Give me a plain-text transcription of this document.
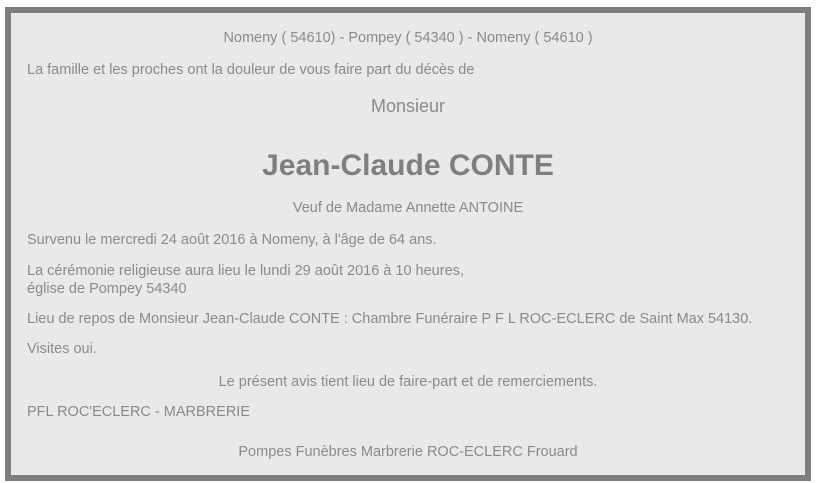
Nomeny ( 54610) - Pompey ( 54340 ) - Nomeny ( 54610 )

La famille et les proches ont la douleur de vous faire part du décès de

Monsieur

Jean-Claude CONTE

Veuf de Madame Annette ANTOINE

Survenu le mercredi 24 août 2016 à Nomeny, à l'âge de 64 ans.

La cérémonie religieuse aura lieu le lundi 29 août 2016 à 10 heures,
église de Pompey 54340

Lieu de repos de Monsieur Jean-Claude CONTE : Chambre Funéraire P F L ROC-ECLERC de Saint Max 54130.

Visites oui.

Le présent avis tient lieu de faire-part et de remerciements.

PFL ROC'ECLERC - MARBRERIE

Pompes Funèbres Marbrerie ROC-ECLERC Frouard
